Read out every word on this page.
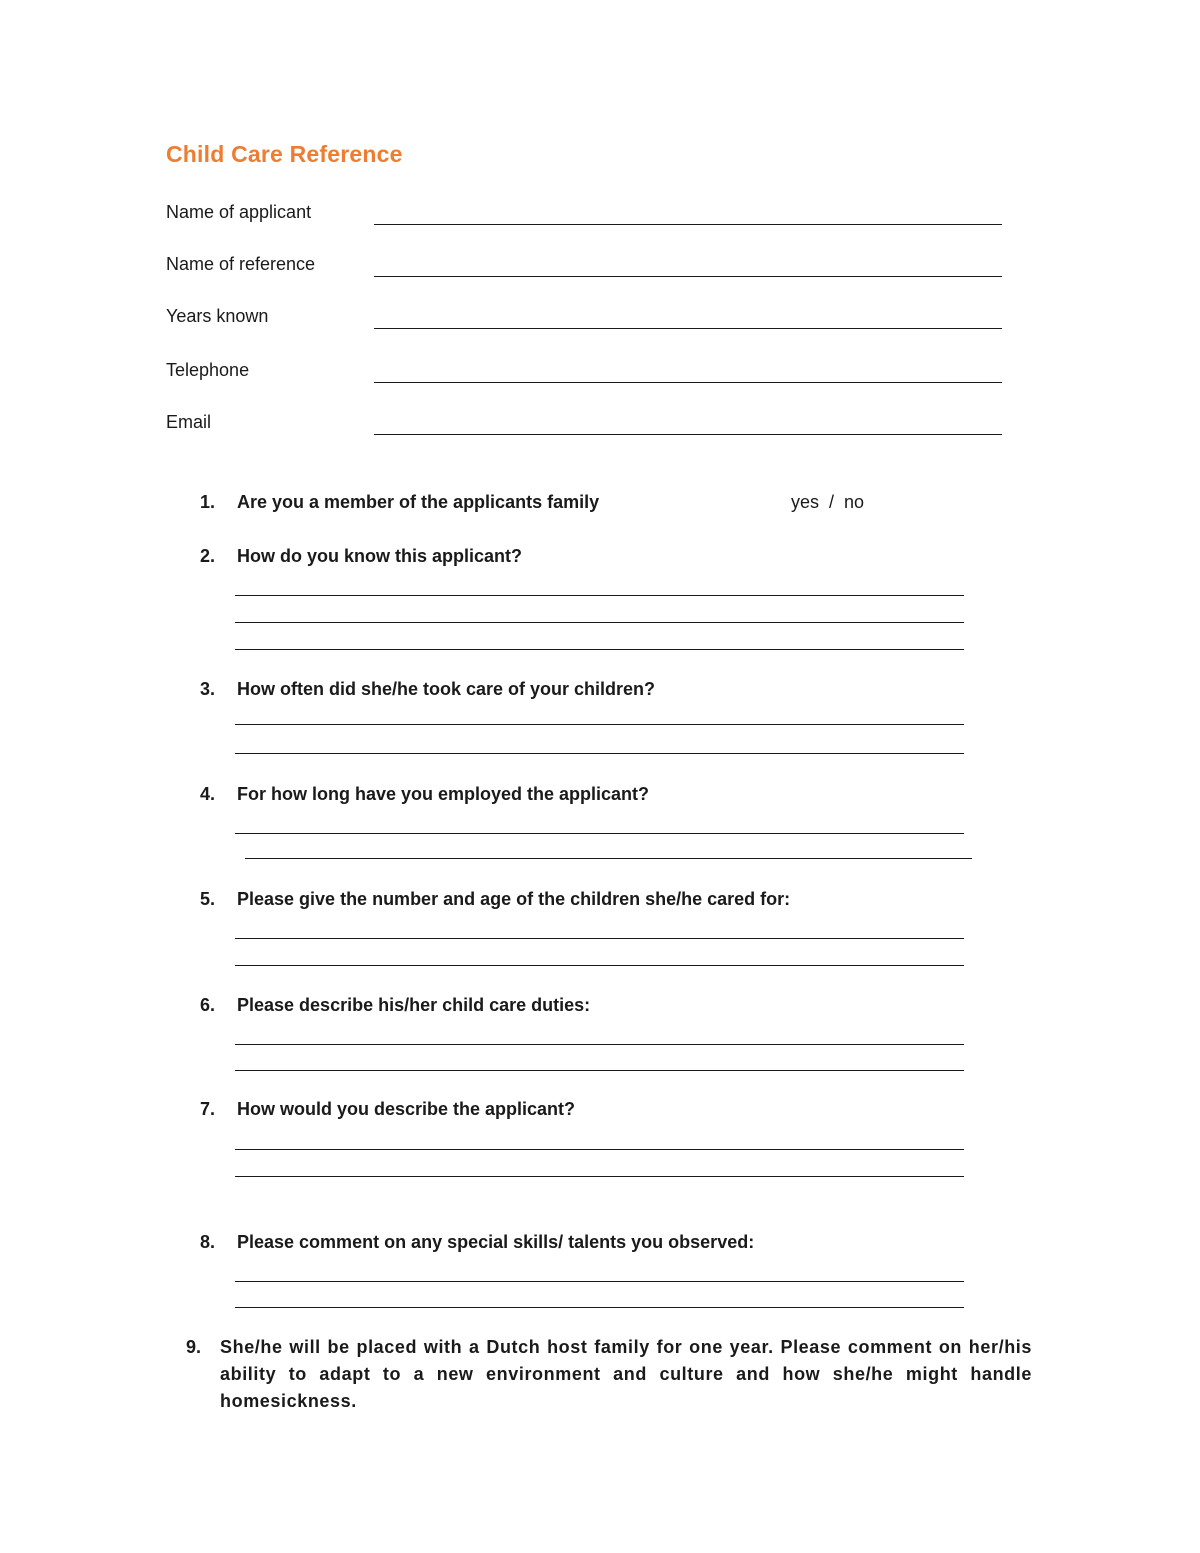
Child Care Reference
Name of applicant
Name of reference
Years known
Telephone
Email
1.	Are you a member of the applicants family	yes  /  no
2.	How do you know this applicant?
3.	How often did she/he took care of your children?
4.	For how long have you employed the applicant?
5.	Please give the number and age of the children she/he cared for:
6.	Please describe his/her child care duties:
7.	How would you describe the applicant?
8.	Please comment on any special skills/ talents you observed:
9. She/he will be placed with a Dutch host family for one year. Please comment on her/his ability to adapt to a new environment and culture and how she/he might handle homesickness.
